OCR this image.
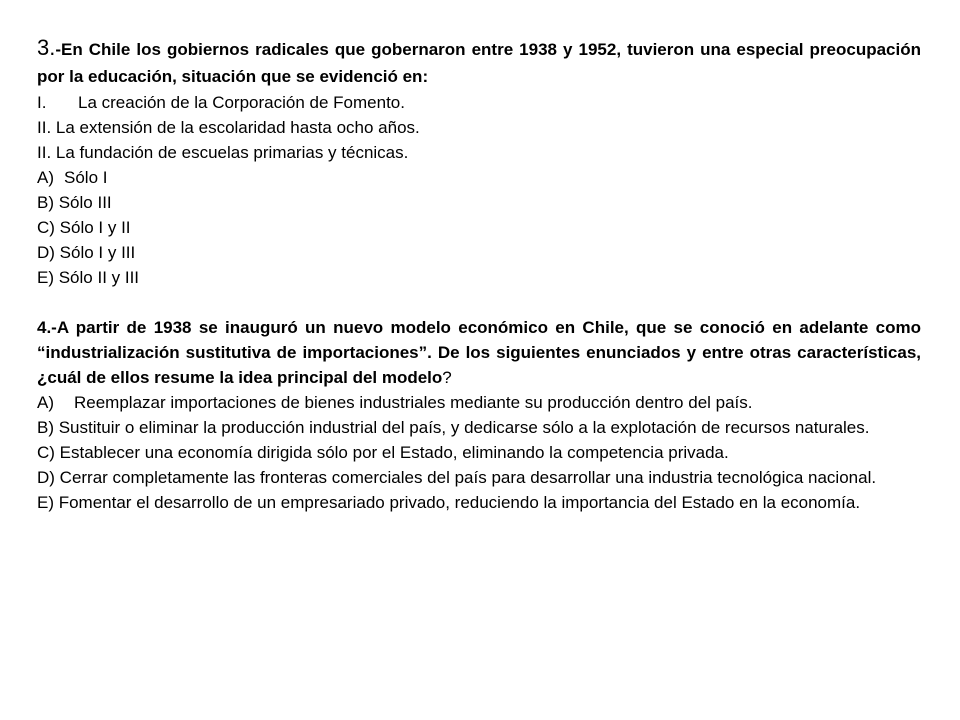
3.-En Chile los gobiernos radicales que gobernaron entre 1938 y 1952, tuvieron una especial preocupación por la educación, situación que se evidenció en:

I. La creación de la Corporación de Fomento.

II. La extensión de la escolaridad hasta ocho años.

II. La fundación de escuelas primarias y técnicas.

A) Sólo I

B) Sólo III

C) Sólo I y II

D) Sólo I y III

E) Sólo II y III

4.-A partir de 1938 se inauguró un nuevo modelo económico en Chile, que se conoció en adelante como “industrialización sustitutiva de importaciones”. De los siguientes enunciados y entre otras características, ¿cuál de ellos resume la idea principal del modelo?

A) Reemplazar importaciones de bienes industriales mediante su producción dentro del país.

B) Sustituir o eliminar la producción industrial del país, y dedicarse sólo a la explotación de recursos naturales.

C) Establecer una economía dirigida sólo por el Estado, eliminando la competencia privada.

D) Cerrar completamente las fronteras comerciales del país para desarrollar una industria tecnológica nacional.

E) Fomentar el desarrollo de un empresariado privado, reduciendo la importancia del Estado en la economía.
